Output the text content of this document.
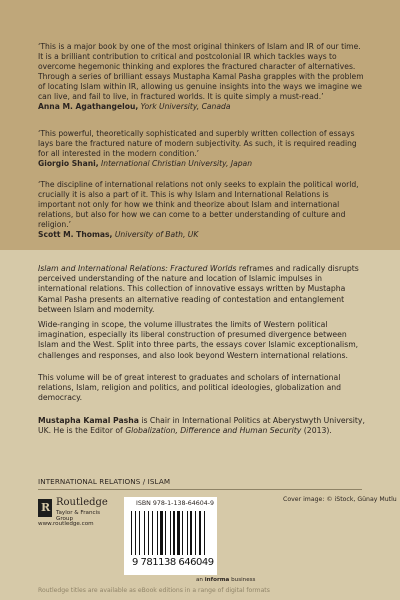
‘This is a major book by one of the most original thinkers of Islam and IR of our time. It is a brilliant contribution to critical and postcolonial IR which tackles ways to overcome hegemonic thinking and explores the fractured character of alternatives. Through a series of brilliant essays Mustapha Kamal Pasha grapples with the problem of locating Islam within IR, allowing us genuine insights into the ways we imagine we can live, and fail to live, in fractured worlds. It is quite simply a must-read.’
Anna M. Agathangelou, York University, Canada
‘This powerful, theoretically sophisticated and superbly written collection of essays lays bare the fractured nature of modern subjectivity. As such, it is required reading for all interested in the modern condition.’
Giorgio Shani, International Christian University, Japan
‘The discipline of international relations not only seeks to explain the political world, crucially it is also a part of it. This is why Islam and International Relations is important not only for how we think and theorize about Islam and international relations, but also for how we can come to a better understanding of culture and religion.’
Scott M. Thomas, University of Bath, UK
Islam and International Relations: Fractured Worlds reframes and radically disrupts perceived understanding of the nature and location of Islamic impulses in international relations. This collection of innovative essays written by Mustapha Kamal Pasha presents an alternative reading of contestation and entanglement between Islam and modernity.
Wide-ranging in scope, the volume illustrates the limits of Western political imagination, especially its liberal construction of presumed divergence between Islam and the West. Split into three parts, the essays cover Islamic exceptionalism, challenges and responses, and also look beyond Western international relations.
This volume will be of great interest to graduates and scholars of international relations, Islam, religion and politics, and political ideologies, globalization and democracy.
Mustapha Kamal Pasha is Chair in International Politics at Aberystwyth University, UK. He is the Editor of Globalization, Difference and Human Security (2013).
INTERNATIONAL RELATIONS / ISLAM
R
Routledge
Taylor & Francis Group
www.routledge.com
ISBN 978-1-138-64604-9
9 781138 646049
Cover image: © iStock, Günay Mutlu
an informa business
Routledge titles are available as eBook editions in a range of digital formats
